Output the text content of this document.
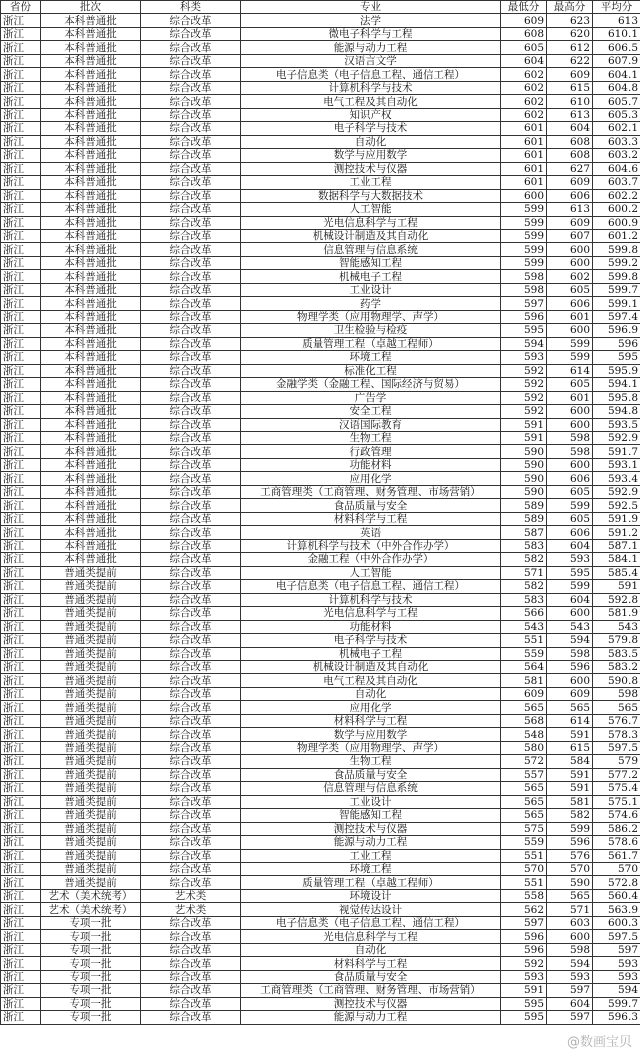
省份	批次	科类	专业	最低分	最高分	平均分
浙江	本科普通批	综合改革	法学	609	623	613
浙江	本科普通批	综合改革	微电子科学与工程	608	620	610.1
浙江	本科普通批	综合改革	能源与动力工程	605	612	606.5
浙江	本科普通批	综合改革	汉语言文学	604	622	607.9
浙江	本科普通批	综合改革	电子信息类（电子信息工程、通信工程）	602	609	604.1
浙江	本科普通批	综合改革	计算机科学与技术	602	615	604.8
浙江	本科普通批	综合改革	电气工程及其自动化	602	610	605.7
浙江	本科普通批	综合改革	知识产权	602	613	605.3
浙江	本科普通批	综合改革	电子科学与技术	601	604	602.1
浙江	本科普通批	综合改革	自动化	601	608	603.3
浙江	本科普通批	综合改革	数学与应用数学	601	608	603.2
浙江	本科普通批	综合改革	测控技术与仪器	601	627	604.6
浙江	本科普通批	综合改革	工业工程	601	609	603.7
浙江	本科普通批	综合改革	数据科学与大数据技术	600	606	602.2
浙江	本科普通批	综合改革	人工智能	599	613	600.2
浙江	本科普通批	综合改革	光电信息科学与工程	599	609	600.9
浙江	本科普通批	综合改革	机械设计制造及其自动化	599	607	601.2
浙江	本科普通批	综合改革	信息管理与信息系统	599	600	599.8
浙江	本科普通批	综合改革	智能感知工程	599	600	599.2
浙江	本科普通批	综合改革	机械电子工程	598	602	599.8
浙江	本科普通批	综合改革	工业设计	598	605	599.7
浙江	本科普通批	综合改革	药学	597	606	599.1
浙江	本科普通批	综合改革	物理学类（应用物理学、声学）	596	601	597.4
浙江	本科普通批	综合改革	卫生检验与检疫	595	600	596.9
浙江	本科普通批	综合改革	质量管理工程（卓越工程师）	594	599	596
浙江	本科普通批	综合改革	环境工程	593	599	595
浙江	本科普通批	综合改革	标准化工程	592	614	595.9
浙江	本科普通批	综合改革	金融学类（金融工程、国际经济与贸易）	592	605	594.1
浙江	本科普通批	综合改革	广告学	592	601	595.8
浙江	本科普通批	综合改革	安全工程	592	600	594.8
浙江	本科普通批	综合改革	汉语国际教育	591	600	593.5
浙江	本科普通批	综合改革	生物工程	591	598	592.9
浙江	本科普通批	综合改革	行政管理	590	598	591.7
浙江	本科普通批	综合改革	功能材料	590	600	593.1
浙江	本科普通批	综合改革	应用化学	590	606	593.4
浙江	本科普通批	综合改革	工商管理类（工商管理、财务管理、市场营销）	590	605	592.9
浙江	本科普通批	综合改革	食品质量与安全	589	599	592.5
浙江	本科普通批	综合改革	材料科学与工程	589	605	591.9
浙江	本科普通批	综合改革	英语	587	606	591.2
浙江	本科普通批	综合改革	计算机科学与技术（中外合作办学）	583	604	587.1
浙江	本科普通批	综合改革	金融工程（中外合作办学）	582	593	584.1
浙江	普通类提前	综合改革	人工智能	571	595	585.4
浙江	普通类提前	综合改革	电子信息类（电子信息工程、通信工程）	582	599	591
浙江	普通类提前	综合改革	计算机科学与技术	583	604	592.8
浙江	普通类提前	综合改革	光电信息科学与工程	566	600	581.9
浙江	普通类提前	综合改革	功能材料	543	543	543
浙江	普通类提前	综合改革	电子科学与技术	551	594	579.8
浙江	普通类提前	综合改革	机械电子工程	559	598	583.5
浙江	普通类提前	综合改革	机械设计制造及其自动化	564	596	583.2
浙江	普通类提前	综合改革	电气工程及其自动化	581	600	590.8
浙江	普通类提前	综合改革	自动化	609	609	598
浙江	普通类提前	综合改革	应用化学	565	565	565
浙江	普通类提前	综合改革	材料科学与工程	568	614	576.7
浙江	普通类提前	综合改革	数学与应用数学	548	591	578.3
浙江	普通类提前	综合改革	物理学类（应用物理学、声学）	580	615	597.5
浙江	普通类提前	综合改革	生物工程	572	584	579
浙江	普通类提前	综合改革	食品质量与安全	557	591	577.2
浙江	普通类提前	综合改革	信息管理与信息系统	565	591	575.4
浙江	普通类提前	综合改革	工业设计	565	581	575.1
浙江	普通类提前	综合改革	智能感知工程	565	582	574.6
浙江	普通类提前	综合改革	测控技术与仪器	575	599	586.2
浙江	普通类提前	综合改革	能源与动力工程	559	596	578.6
浙江	普通类提前	综合改革	工业工程	551	576	561.7
浙江	普通类提前	综合改革	环境工程	570	570	570
浙江	普通类提前	综合改革	质量管理工程（卓越工程师）	551	590	572.8
浙江	艺术（美术统考）	艺术类	环境设计	558	565	560.4
浙江	艺术（美术统考）	艺术类	视觉传达设计	562	571	563.9
浙江	专项一批	综合改革	电子信息类（电子信息工程、通信工程）	597	603	600.3
浙江	专项一批	综合改革	光电信息科学与工程	596	600	597.5
浙江	专项一批	综合改革	自动化	596	598	597
浙江	专项一批	综合改革	材料科学与工程	592	594	593
浙江	专项一批	综合改革	食品质量与安全	593	593	593
浙江	专项一批	综合改革	工商管理类（工商管理、财务管理、市场营销）	591	597	594
浙江	专项一批	综合改革	测控技术与仪器	595	604	599.7
浙江	专项一批	综合改革	能源与动力工程	595	597	596.3
@数画宝贝
